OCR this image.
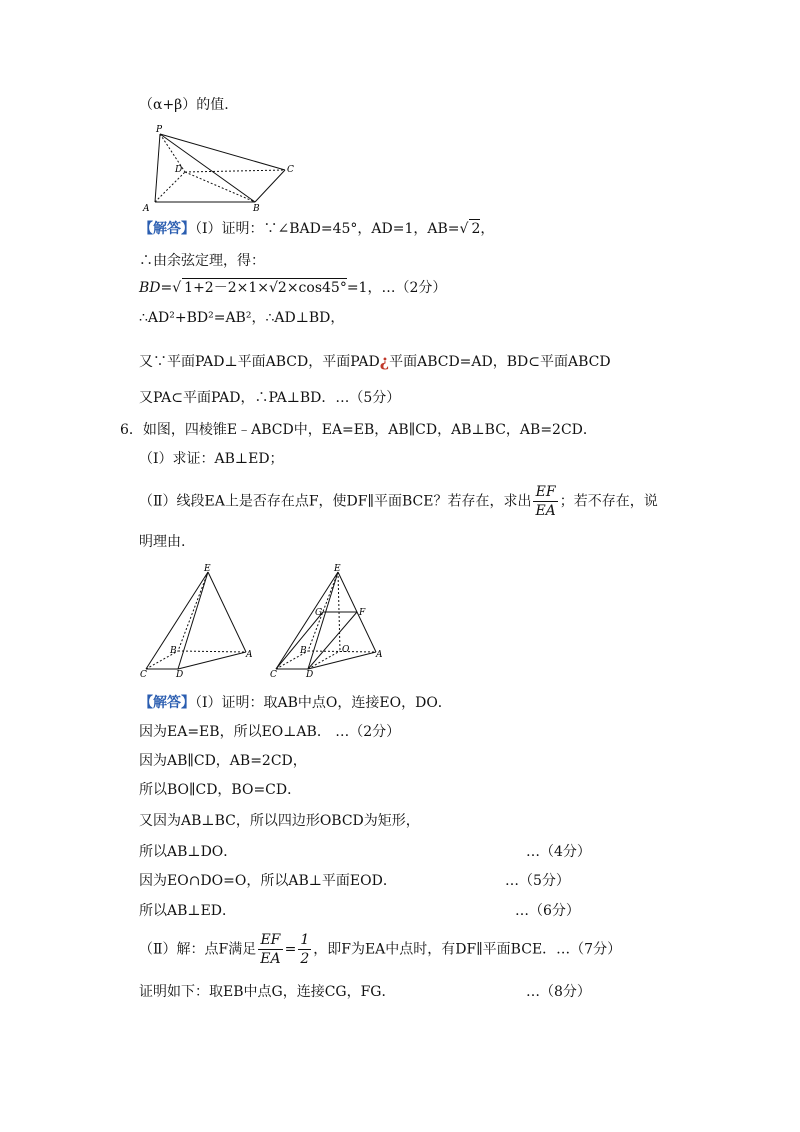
（α+β）的值.
P
D	C
A	B
【解答】（Ⅰ）证明：∵∠BAD=45°，AD=1，AB=√ 2，
∴由余弦定理，得：
BD=√ 1+2－2×1×√2×cos45°=1，…（2分）
∴AD²+BD²=AB²，∴AD⊥BD，
又∵平面PAD⊥平面ABCD，平面PAD¿平面ABCD=AD，BD⊂平面ABCD
又PA⊂平面PAD，∴PA⊥BD．…（5分）
6．如图，四棱锥E﹣ABCD中，EA=EB，AB∥CD，AB⊥BC，AB=2CD．
（Ⅰ）求证：AB⊥ED；
（Ⅱ）线段EA上是否存在点F，使DF∥平面BCE？若存在，求出 $\frac{EF}{EA}$ ；若不存在，说
明理由.
E
B	A
C	D
E
G	F
B	O	A
C	D
【解答】（Ⅰ）证明：取AB中点O，连接EO，DO．
因为EA=EB，所以EO⊥AB． …（2分）
因为AB∥CD，AB=2CD，
所以BO∥CD，BO=CD．
又因为AB⊥BC，所以四边形OBCD为矩形，
所以AB⊥DO．	…（4分）
因为EO∩DO=O，所以AB⊥平面EOD．	…（5分）
所以AB⊥ED．	…（6分）
（Ⅱ）解：点F满足 $\frac{EF}{EA} = \frac{1}{2}$ ，即F为EA中点时，有DF∥平面BCE．…（7分）
证明如下：取EB中点G，连接CG，FG．	…（8分）
